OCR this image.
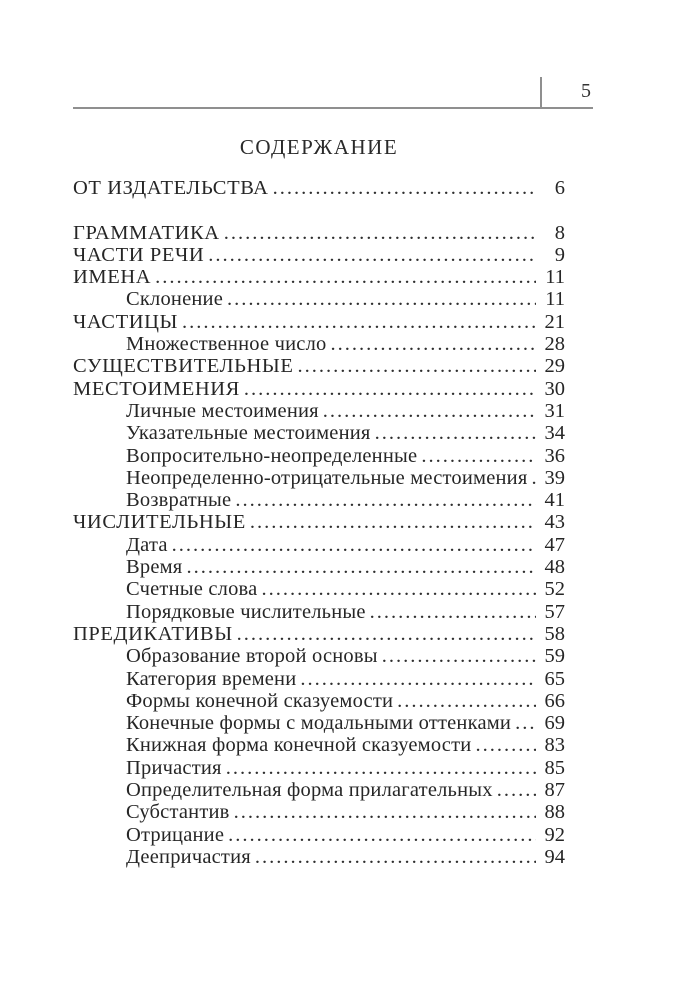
5
СОДЕРЖАНИЕ
ОТ ИЗДАТЕЛЬСТВА .....	6
ГРАММАТИКА .....	8
ЧАСТИ РЕЧИ .....	9
ИМЕНА .....	11
Склонение .....	11
ЧАСТИЦЫ .....	21
Множественное число .....	28
СУЩЕСТВИТЕЛЬНЫЕ .....	29
МЕСТОИМЕНИЯ .....	30
Личные местоимения .....	31
Указательные местоимения .....	34
Вопросительно-неопределенные .....	36
Неопределенно-отрицательные местоимения ..... 39
Возвратные .....	41
ЧИСЛИТЕЛЬНЫЕ .....	43
Дата .....	47
Время .....	48
Счетные слова .....	52
Порядковые числительные .....	57
ПРЕДИКАТИВЫ .....	58
Образование второй основы .....	59
Категория времени .....	65
Формы конечной сказуемости .....	66
Конечные формы с модальными оттенками .....	69
Книжная форма конечной сказуемости .....	83
Причастия .....	85
Определительная форма прилагательных .....	87
Субстантив .....	88
Отрицание .....	92
Деепричастия .....	94
